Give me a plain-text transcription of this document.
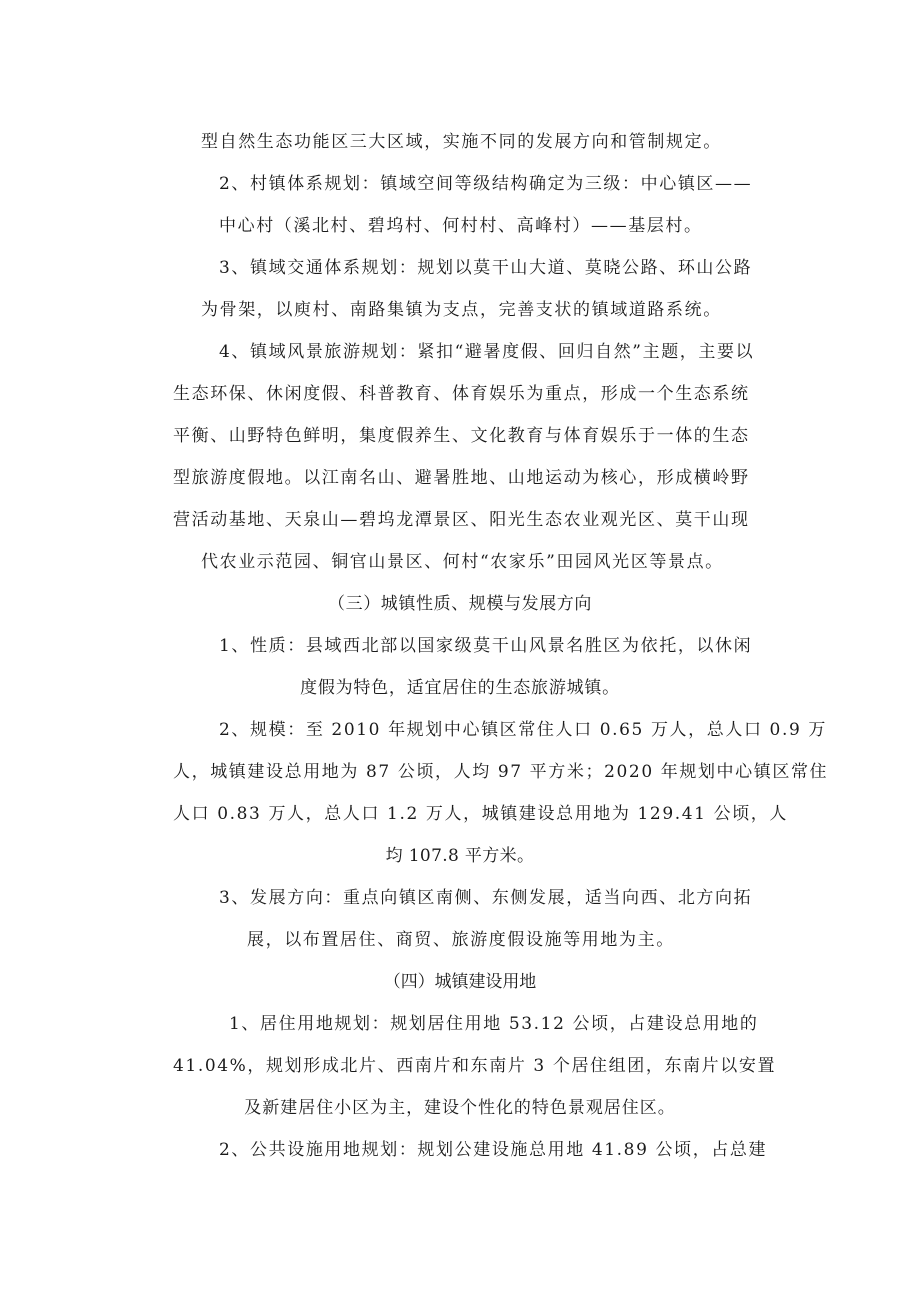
型自然生态功能区三大区域，实施不同的发展方向和管制规定。
2、村镇体系规划：镇域空间等级结构确定为三级：中心镇区——
中心村（溪北村、碧坞村、何村村、高峰村）——基层村。
3、镇域交通体系规划：规划以莫干山大道、莫晓公路、环山公路
为骨架，以庾村、南路集镇为支点，完善支状的镇域道路系统。
4、镇域风景旅游规划：紧扣“避暑度假、回归自然”主题，主要以
生态环保、休闲度假、科普教育、体育娱乐为重点，形成一个生态系统
平衡、山野特色鲜明，集度假养生、文化教育与体育娱乐于一体的生态
型旅游度假地。以江南名山、避暑胜地、山地运动为核心，形成横岭野
营活动基地、天泉山—碧坞龙潭景区、阳光生态农业观光区、莫干山现
代农业示范园、铜官山景区、何村“农家乐”田园风光区等景点。
（三）城镇性质、规模与发展方向
1、性质：县域西北部以国家级莫干山风景名胜区为依托，以休闲
度假为特色，适宜居住的生态旅游城镇。
2、规模：至 2010 年规划中心镇区常住人口 0.65 万人，总人口 0.9 万
人，城镇建设总用地为 87 公顷，人均 97 平方米；2020 年规划中心镇区常住
人口 0.83 万人，总人口 1.2 万人，城镇建设总用地为 129.41 公顷，人
均 107.8 平方米。
3、发展方向：重点向镇区南侧、东侧发展，适当向西、北方向拓
展，以布置居住、商贸、旅游度假设施等用地为主。
（四）城镇建设用地
1、居住用地规划：规划居住用地 53.12 公顷，占建设总用地的
41.04%，规划形成北片、西南片和东南片 3 个居住组团，东南片以安置
及新建居住小区为主，建设个性化的特色景观居住区。
2、公共设施用地规划：规划公建设施总用地 41.89 公顷，占总建
